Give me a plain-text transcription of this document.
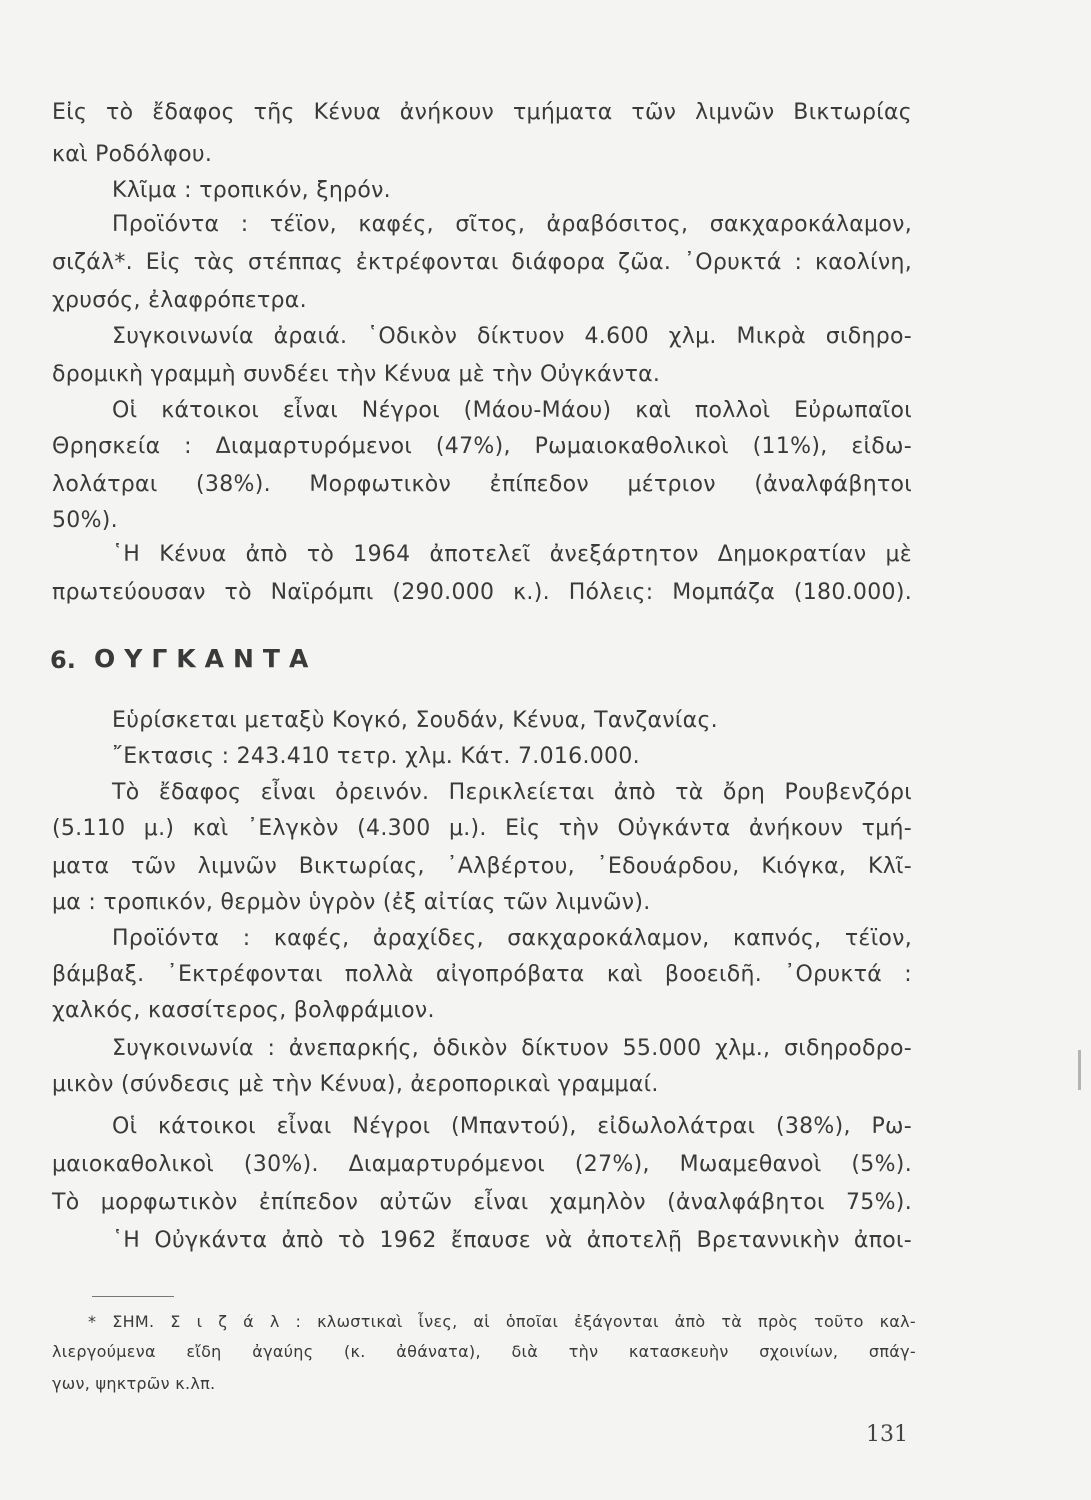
Εἰς τὸ ἔδαφος τῆς Κένυα ἀνήκουν τμήματα τῶν λιμνῶν Βικτωρίας
καὶ Ροδόλφου.
Κλῖμα : τροπικόν, ξηρόν.
Προϊόντα : τέϊον, καφές, σῖτος, ἀραβόσιτος, σακχαροκάλαμον,
σιζάλ*. Εἰς τὰς στέππας ἐκτρέφονται διάφορα ζῶα. ᾿Ορυκτά : καολίνη,
χρυσός, ἐλαφρόπετρα.
Συγκοινωνία ἀραιά. ῾Οδικὸν δίκτυον 4.600 χλμ. Μικρὰ σιδηρο-
δρομικὴ γραμμὴ συνδέει τὴν Κένυα μὲ τὴν Οὐγκάντα.
Οἱ κάτοικοι εἶναι Νέγροι (Μάου-Μάου) καὶ πολλοὶ Εὐρωπαῖοι
Θρησκεία : Διαμαρτυρόμενοι (47%), Ρωμαιοκαθολικοὶ (11%), εἰδω-
λολάτραι (38%). Μορφωτικὸν ἐπίπεδον μέτριον (ἀναλφάβητοι
50%).
῾Η Κένυα ἀπὸ τὸ 1964 ἀποτελεῖ ἀνεξάρτητον Δημοκρατίαν μὲ
πρωτεύουσαν τὸ Ναϊρόμπι (290.000 κ.). Πόλεις: Μομπάζα (180.000).
6. ΟΥΓΚΑΝΤΑ
Εὑρίσκεται μεταξὺ Κογκό, Σουδάν, Κένυα, Τανζανίας.
῎Εκτασις : 243.410 τετρ. χλμ. Κάτ. 7.016.000.
Τὸ ἔδαφος εἶναι ὀρεινόν. Περικλείεται ἀπὸ τὰ ὄρη Ρουβενζόρι
(5.110 μ.) καὶ ᾿Ελγκὸν (4.300 μ.). Εἰς τὴν Οὐγκάντα ἀνήκουν τμή-
ματα τῶν λιμνῶν Βικτωρίας, ᾿Αλβέρτου, ᾿Εδουάρδου, Κιόγκα, Κλῖ-
μα : τροπικόν, θερμὸν ὑγρὸν (ἐξ αἰτίας τῶν λιμνῶν).
Προϊόντα : καφές, ἀραχίδες, σακχαροκάλαμον, καπνός, τέϊον,
βάμβαξ. ᾿Εκτρέφονται πολλὰ αἰγοπρόβατα καὶ βοοειδῆ. ᾿Ορυκτά :
χαλκός, κασσίτερος, βολφράμιον.
Συγκοινωνία : ἀνεπαρκής, ὁδικὸν δίκτυον 55.000 χλμ., σιδηροδρο-
μικὸν (σύνδεσις μὲ τὴν Κένυα), ἀεροπορικαὶ γραμμαί.
Οἱ κάτοικοι εἶναι Νέγροι (Μπαντού), εἰδωλολάτραι (38%), Ρω-
μαιοκαθολικοὶ (30%). Διαμαρτυρόμενοι (27%), Μωαμεθανοὶ (5%).
Τὸ μορφωτικὸν ἐπίπεδον αὐτῶν εἶναι χαμηλὸν (ἀναλφάβητοι 75%).
῾Η Οὐγκάντα ἀπὸ τὸ 1962 ἔπαυσε νὰ ἀποτελῇ Βρεταννικὴν ἀποι-
* ΣΗΜ. Σ ι ζ ά λ : κλωστικαὶ ἶνες, αἱ ὁποῖαι ἐξάγονται ἀπὸ τὰ πρὸς τοῦτο καλ-
λιεργούμενα εἴδη ἀγαύης (κ. ἀθάνατα), διὰ τὴν κατασκευὴν σχοινίων, σπάγ-
γων, ψηκτρῶν κ.λπ.
131
